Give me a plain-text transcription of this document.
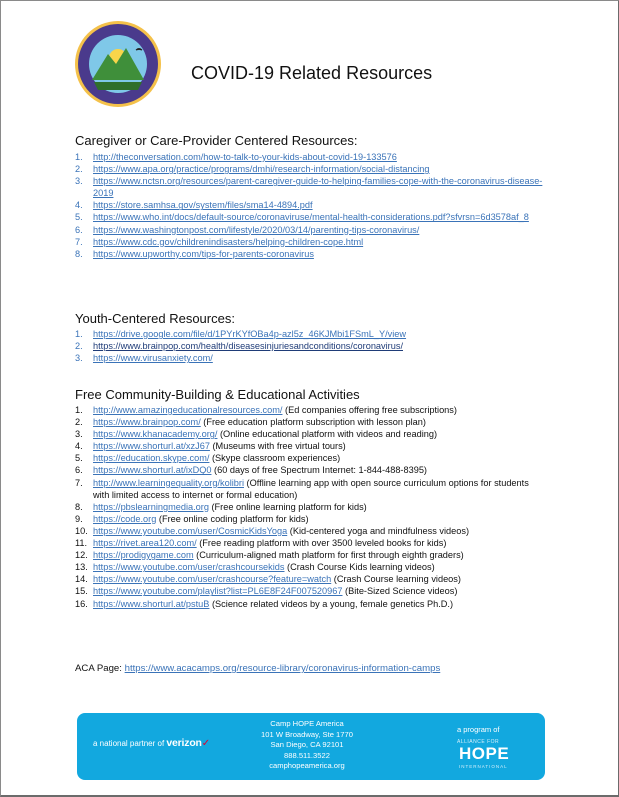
COVID-19 Related Resources
Caregiver or Care-Provider Centered Resources:
1.	http://theconversation.com/how-to-talk-to-your-kids-about-covid-19-133576
2.	https://www.apa.org/practice/programs/dmhi/research-information/social-distancing
3.	https://www.nctsn.org/resources/parent-caregiver-guide-to-helping-families-cope-with-the-coronavirus-disease-2019
4.	https://store.samhsa.gov/system/files/sma14-4894.pdf
5.	https://www.who.int/docs/default-source/coronaviruse/mental-health-considerations.pdf?sfvrsn=6d3578af_8
6.	https://www.washingtonpost.com/lifestyle/2020/03/14/parenting-tips-coronavirus/
7.	https://www.cdc.gov/childrenindisasters/helping-children-cope.html
8.	https://www.upworthy.com/tips-for-parents-coronavirus
Youth-Centered Resources:
1.	https://drive.google.com/file/d/1PYrKYfOBa4p-azl5z_46KJMbi1FSmL_Y/view
2.	https://www.brainpop.com/health/diseasesinjuriesandconditions/coronavirus/
3.	https://www.virusanxiety.com/
Free Community-Building & Educational Activities
1.	http://www.amazingeducationalresources.com/ (Ed companies offering free subscriptions)
2.	https://www.brainpop.com/ (Free education platform subscription with lesson plan)
3.	https://www.khanacademy.org/ (Online educational platform with videos and reading)
4.	https://www.shorturl.at/xzJ67 (Museums with free virtual tours)
5.	https://education.skype.com/ (Skype classroom experiences)
6.	https://www.shorturl.at/ixDQ0 (60 days of free Spectrum Internet: 1-844-488-8395)
7.	http://www.learningequality.org/kolibri (Offline learning app with open source curriculum options for students with limited access to internet or formal education)
8.	https://pbslearningmedia.org (Free online learning platform for kids)
9.	https://code.org (Free online coding platform for kids)
10. https://www.youtube.com/user/CosmicKidsYoga (Kid-centered yoga and mindfulness videos)
11. https://rivet.area120.com/ (Free reading platform with over 3500 leveled books for kids)
12. https://prodigygame.com (Curriculum-aligned math platform for first through eighth graders)
13. https://www.youtube.com/user/crashcoursekids (Crash Course Kids learning videos)
14. https://www.youtube.com/user/crashcourse?feature=watch (Crash Course learning videos)
15. https://www.youtube.com/playlist?list=PL6E8F24F007520967 (Bite-Sized Science videos)
16. https://www.shorturl.at/pstuB (Science related videos by a young, female genetics Ph.D.)
ACA Page: https://www.acacamps.org/resource-library/coronavirus-information-camps
a national partner of verizon✓
Camp HOPE America
101 W Broadway, Ste 1770
San Diego, CA 92101
888.511.3522
camphopeamerica.org
a program of
ALLIANCE FOR
HOPE
INTERNATIONAL
